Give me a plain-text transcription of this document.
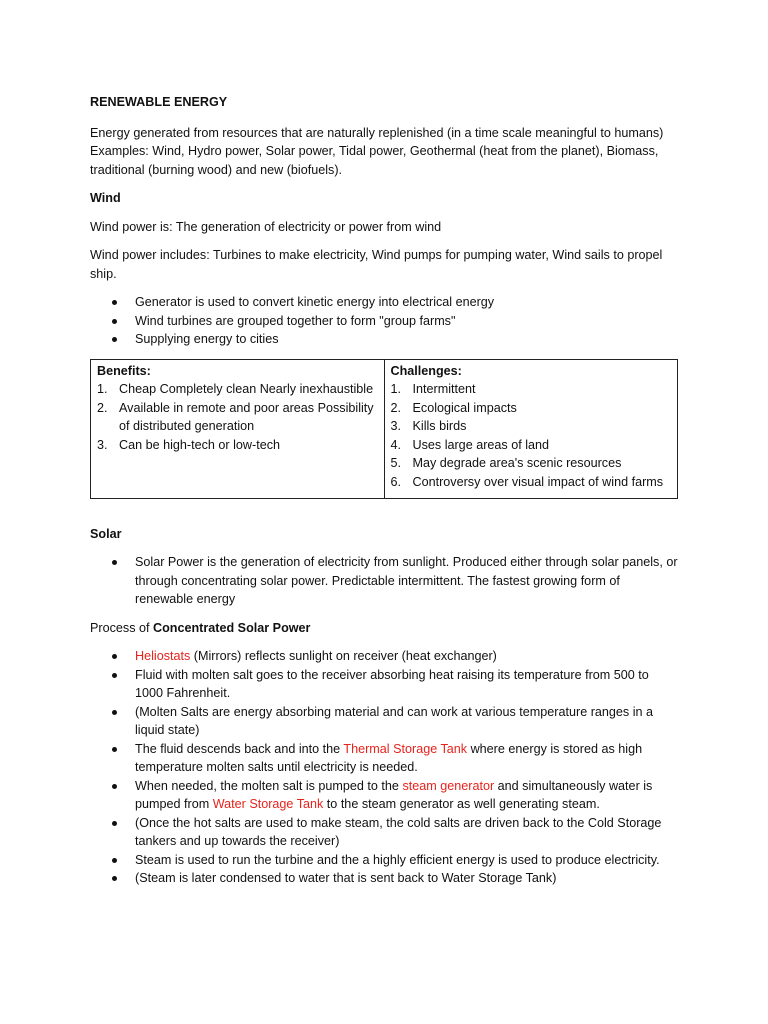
RENEWABLE ENERGY

Energy generated from resources that are naturally replenished (in a time scale meaningful to humans) Examples: Wind, Hydro power, Solar power, Tidal power, Geothermal (heat from the planet), Biomass, traditional (burning wood) and new (biofuels).

Wind

Wind power is: The generation of electricity or power from wind

Wind power includes: Turbines to make electricity, Wind pumps for pumping water, Wind sails to propel ship.

Generator is used to convert kinetic energy into electrical energy
Wind turbines are grouped together to form "group farms"
Supplying energy to cities
Benefits:
1. Cheap Completely clean Nearly inexhaustible
2. Available in remote and poor areas Possibility of distributed generation
3. Can be high-tech or low-tech

Challenges:
1. Intermittent
2. Ecological impacts
3. Kills birds
4. Uses large areas of land
5. May degrade area's scenic resources
6. Controversy over visual impact of wind farms

Solar

Solar Power is the generation of electricity from sunlight. Produced either through solar panels, or through concentrating solar power. Predictable intermittent. The fastest growing form of renewable energy

Process of Concentrated Solar Power

Heliostats (Mirrors) reflects sunlight on receiver (heat exchanger)
Fluid with molten salt goes to the receiver absorbing heat raising its temperature from 500 to 1000 Fahrenheit.
(Molten Salts are energy absorbing material and can work at various temperature ranges in a liquid state)
The fluid descends back and into the Thermal Storage Tank where energy is stored as high temperature molten salts until electricity is needed.
When needed, the molten salt is pumped to the steam generator and simultaneously water is pumped from Water Storage Tank to the steam generator as well generating steam.
(Once the hot salts are used to make steam, the cold salts are driven back to the Cold Storage tankers and up towards the receiver)
Steam is used to run the turbine and the a highly efficient energy is used to produce electricity.
(Steam is later condensed to water that is sent back to Water Storage Tank)
